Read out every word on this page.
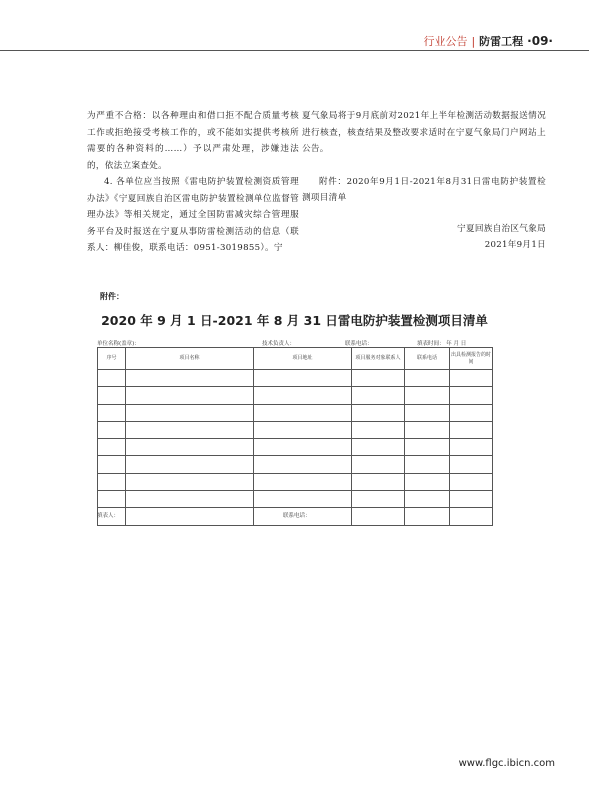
行业公告 | 防雷工程 ·09·

为严重不合格：以各种理由和借口拒不配合质量考核工作或拒绝接受考核工作的，或不能如实提供考核所需要的各种资料的……）予以严肃处理，涉嫌违法的，依法立案查处。

4. 各单位应当按照《雷电防护装置检测资质管理办法》《宁夏回族自治区雷电防护装置检测单位监督管理办法》等相关规定，通过全国防雷减灾综合管理服务平台及时报送在宁夏从事防雷检测活动的信息（联系人：柳佳俊，联系电话：0951-3019855）。宁

夏气象局将于9月底前对2021年上半年检测活动数据报送情况进行核查，核查结果及整改要求适时在宁夏气象局门户网站上公告。

附件：2020年9月1日-2021年8月31日雷电防护装置检测项目清单

宁夏回族自治区气象局

2021年9月1日

附件：
2020 年 9 月 1 日-2021 年 8 月 31 日雷电防护装置检测项目清单
单位名称(盖章)：	技术负责人：	联系电话：	填表时间： 年 月 日
序号	项目名称	项目地址	项目服务对象联系人	联系电话	出具检测报告的时间

填表人：	联系电话：
www.flgc.ibicn.com
